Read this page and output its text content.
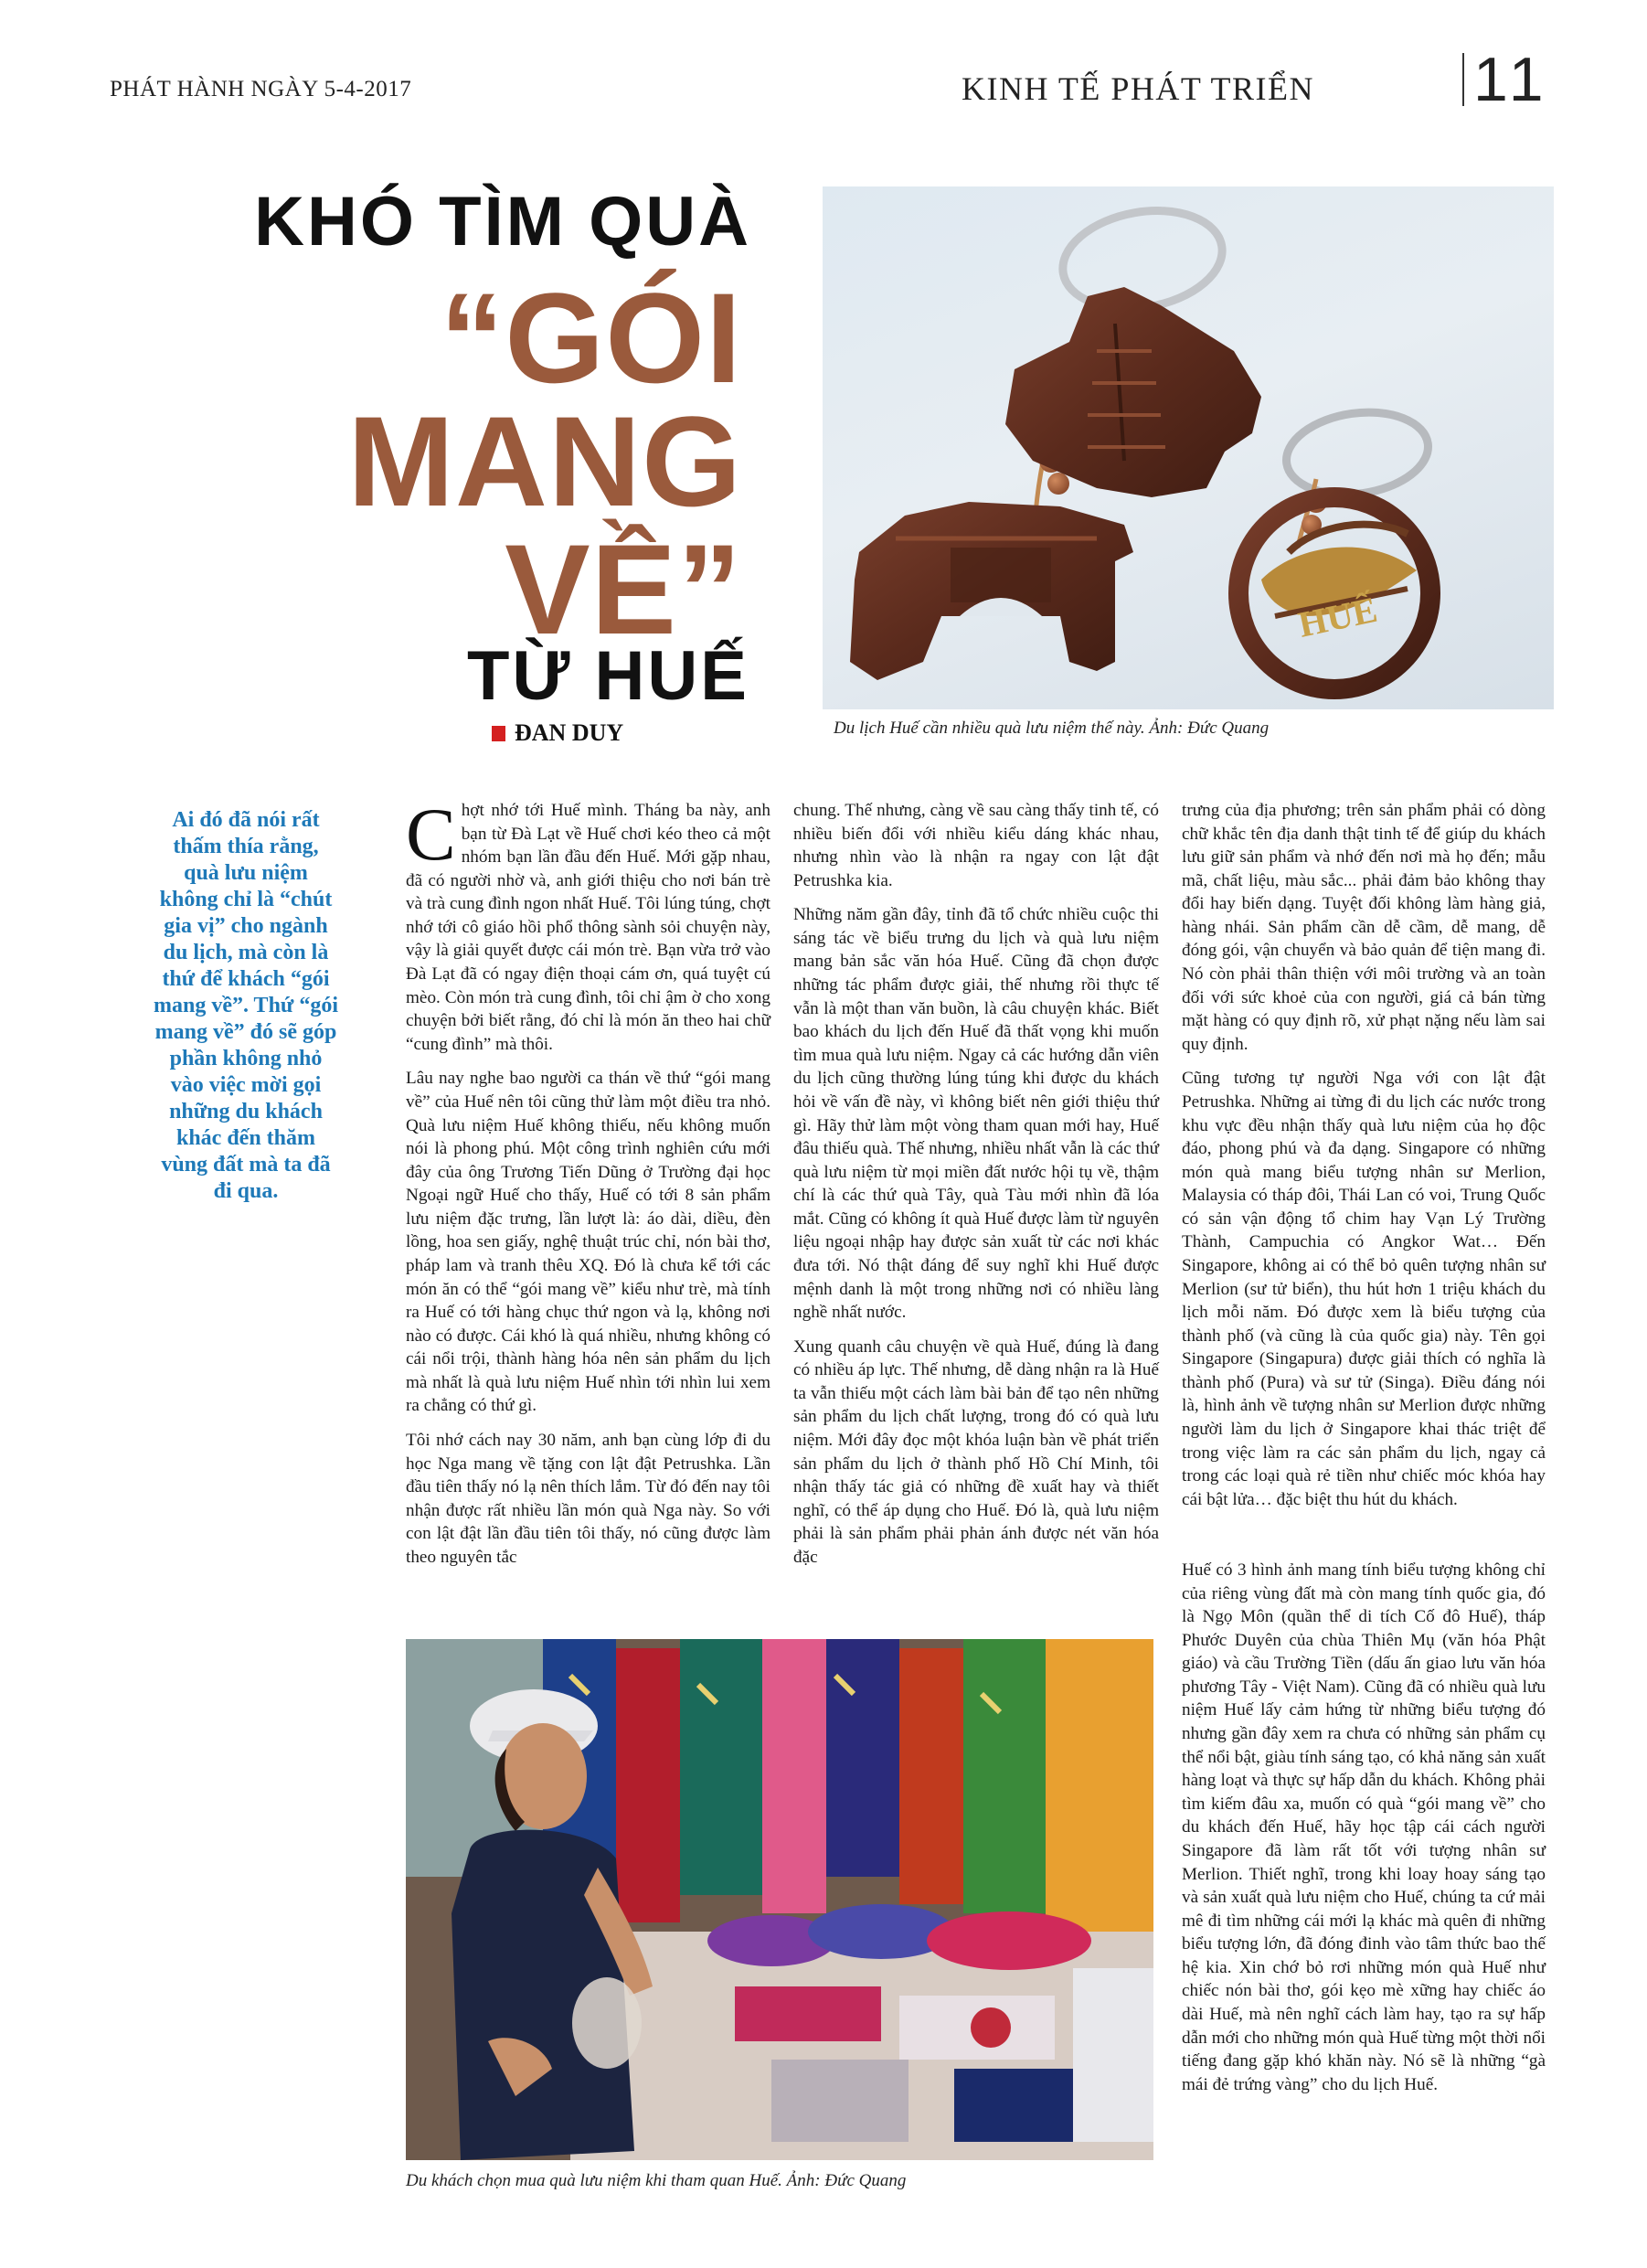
PHÁT HÀNH NGÀY 5-4-2017	KINH TẾ PHÁT TRIỂN	11
KHÓ TÌM QUÀ
“GÓI
MANG
VỀ”
TỪ HUẾ
ĐAN DUY
HUẾ
Du lịch Huế cần nhiều quà lưu niệm thế này. Ảnh: Đức Quang
Ai đó đã nói rất thấm thía rằng, quà lưu niệm không chỉ là “chút gia vị” cho ngành du lịch, mà còn là thứ để khách “gói mang về”. Thứ “gói mang về” đó sẽ góp phần không nhỏ vào việc mời gọi những du khách khác đến thăm vùng đất mà ta đã đi qua.

Chợt nhớ tới Huế mình. Tháng ba này, anh bạn từ Đà Lạt về Huế chơi kéo theo cả một nhóm bạn lần đầu đến Huế. Mới gặp nhau, đã có người nhờ và, anh giới thiệu cho nơi bán trè và trà cung đình ngon nhất Huế. Tôi lúng túng, chợt nhớ tới cô giáo hồi phổ thông sành sỏi chuyện này, vậy là giải quyết được cái món trè. Bạn vừa trở vào Đà Lạt đã có ngay điện thoại cám ơn, quá tuyệt cú mèo. Còn món trà cung đình, tôi chỉ ậm ờ cho xong chuyện bởi biết rằng, đó chỉ là món ăn theo hai chữ “cung đình” mà thôi.

Lâu nay nghe bao người ca thán về thứ “gói mang về” của Huế nên tôi cũng thử làm một điều tra nhỏ. Quà lưu niệm Huế không thiếu, nếu không muốn nói là phong phú. Một công trình nghiên cứu mới đây của ông Trương Tiến Dũng ở Trường đại học Ngoại ngữ Huế cho thấy, Huế có tới 8 sản phẩm lưu niệm đặc trưng, lần lượt là: áo dài, diều, đèn lồng, hoa sen giấy, nghệ thuật trúc chỉ, nón bài thơ, pháp lam và tranh thêu XQ. Đó là chưa kể tới các món ăn có thể “gói mang về” kiểu như trè, mà tính ra Huế có tới hàng chục thứ ngon và lạ, không nơi nào có được. Cái khó là quá nhiều, nhưng không có cái nổi trội, thành hàng hóa nên sản phẩm du lịch mà nhất là quà lưu niệm Huế nhìn tới nhìn lui xem ra chẳng có thứ gì.

Tôi nhớ cách nay 30 năm, anh bạn cùng lớp đi du học Nga mang về tặng con lật đật Petrushka. Lần đầu tiên thấy nó lạ nên thích lắm. Từ đó đến nay tôi nhận được rất nhiều lần món quà Nga này. So với con lật đật lần đầu tiên tôi thấy, nó cũng được làm theo nguyên tắc

chung. Thế nhưng, càng về sau càng thấy tinh tế, có nhiều biến đổi với nhiều kiểu dáng khác nhau, nhưng nhìn vào là nhận ra ngay con lật đật Petrushka kia.

Những năm gần đây, tỉnh đã tổ chức nhiều cuộc thi sáng tác về biểu trưng du lịch và quà lưu niệm mang bản sắc văn hóa Huế. Cũng đã chọn được những tác phẩm được giải, thế nhưng rồi thực tế vẫn là một than văn buồn, là câu chuyện khác. Biết bao khách du lịch đến Huế đã thất vọng khi muốn tìm mua quà lưu niệm. Ngay cả các hướng dẫn viên du lịch cũng thường lúng túng khi được du khách hỏi về vấn đề này, vì không biết nên giới thiệu thứ gì. Hãy thử làm một vòng tham quan mới hay, Huế đâu thiếu quà. Thế nhưng, nhiều nhất vẫn là các thứ quà lưu niệm từ mọi miền đất nước hội tụ về, thậm chí là các thứ quà Tây, quà Tàu mới nhìn đã lóa mắt. Cũng có không ít quà Huế được làm từ nguyên liệu ngoại nhập hay được sản xuất từ các nơi khác đưa tới. Nó thật đáng để suy nghĩ khi Huế được mệnh danh là một trong những nơi có nhiều làng nghề nhất nước.

Xung quanh câu chuyện về quà Huế, đúng là đang có nhiều áp lực. Thế nhưng, dễ dàng nhận ra là Huế ta vẫn thiếu một cách làm bài bản để tạo nên những sản phẩm du lịch chất lượng, trong đó có quà lưu niệm. Mới đây đọc một khóa luận bàn về phát triển sản phẩm du lịch ở thành phố Hồ Chí Minh, tôi nhận thấy tác giả có những đề xuất hay và thiết nghĩ, có thể áp dụng cho Huế. Đó là, quà lưu niệm phải là sản phẩm phải phản ánh được nét văn hóa đặc

trưng của địa phương; trên sản phẩm phải có dòng chữ khắc tên địa danh thật tinh tế để giúp du khách lưu giữ sản phẩm và nhớ đến nơi mà họ đến; mẫu mã, chất liệu, màu sắc... phải đảm bảo không thay đổi hay biến dạng. Tuyệt đối không làm hàng giả, hàng nhái. Sản phẩm cần dễ cầm, dễ mang, dễ đóng gói, vận chuyển và bảo quản để tiện mang đi. Nó còn phải thân thiện với môi trường và an toàn đối với sức khoẻ của con người, giá cả bán từng mặt hàng có quy định rõ, xử phạt nặng nếu làm sai quy định.

Cũng tương tự người Nga với con lật đật Petrushka. Những ai từng đi du lịch các nước trong khu vực đều nhận thấy quà lưu niệm của họ độc đáo, phong phú và đa dạng. Singapore có những món quà mang biểu tượng nhân sư Merlion, Malaysia có tháp đôi, Thái Lan có voi, Trung Quốc có sản vận động tổ chim hay Vạn Lý Trường Thành, Campuchia có Angkor Wat… Đến Singapore, không ai có thể bỏ quên tượng nhân sư Merlion (sư tử biển), thu hút hơn 1 triệu khách du lịch mỗi năm. Đó được xem là biểu tượng của thành phố (và cũng là của quốc gia) này. Tên gọi Singapore (Singapura) được giải thích có nghĩa là thành phố (Pura) và sư tử (Singa). Điều đáng nói là, hình ảnh về tượng nhân sư Merlion được những người làm du lịch ở Singapore khai thác triệt để trong việc làm ra các sản phẩm du lịch, ngay cả trong các loại quà rẻ tiền như chiếc móc khóa hay cái bật lửa… đặc biệt thu hút du khách.

Huế có 3 hình ảnh mang tính biểu tượng không chỉ của riêng vùng đất mà còn mang tính quốc gia, đó là Ngọ Môn (quần thể di tích Cố đô Huế), tháp Phước Duyên của chùa Thiên Mụ (văn hóa Phật giáo) và cầu Trường Tiền (dấu ấn giao lưu văn hóa phương Tây - Việt Nam). Cũng đã có nhiều quà lưu niệm Huế lấy cảm hứng từ những biểu tượng đó nhưng gần đây xem ra chưa có những sản phẩm cụ thể nổi bật, giàu tính sáng tạo, có khả năng sản xuất hàng loạt và thực sự hấp dẫn du khách. Không phải tìm kiếm đâu xa, muốn có quà “gói mang về” cho du khách đến Huế, hãy học tập cái cách người Singapore đã làm rất tốt với tượng nhân sư Merlion. Thiết nghĩ, trong khi loay hoay sáng tạo và sản xuất quà lưu niệm cho Huế, chúng ta cứ mải mê đi tìm những cái mới lạ khác mà quên đi những biểu tượng lớn, đã đóng đinh vào tâm thức bao thế hệ kia. Xin chớ bỏ rơi những món quà Huế như chiếc nón bài thơ, gói kẹo mè xững hay chiếc áo dài Huế, mà nên nghĩ cách làm hay, tạo ra sự hấp dẫn mới cho những món quà Huế từng một thời nổi tiếng đang gặp khó khăn này. Nó sẽ là những “gà mái đẻ trứng vàng” cho du lịch Huế.

Du khách chọn mua quà lưu niệm khi tham quan Huế. Ảnh: Đức Quang
